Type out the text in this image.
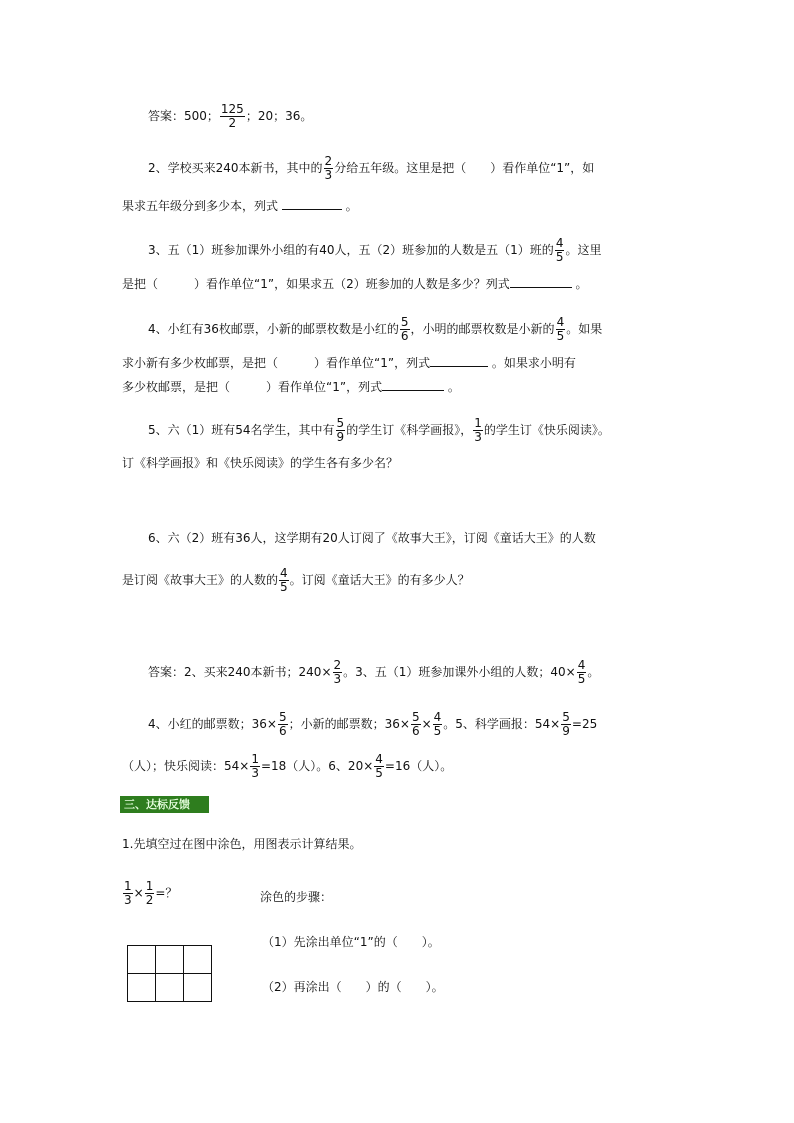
答案：500； $\frac{125}{2}$ ；20；36。
2、学校买来240本新书，其中的 $\frac{2}{3}$ 分给五年级。这里是把（　　）看作单位“1”，如
果求五年级分到多少本，列式	。
3、五（1）班参加课外小组的有40人，五（2）班参加的人数是五（1）班的 $\frac{4}{5}$ 。这里
是把（　　　）看作单位“1”，如果求五（2）班参加的人数是多少？列式	。
4、小红有36枚邮票，小新的邮票枚数是小红的 $\frac{5}{6}$ ，小明的邮票枚数是小新的 $\frac{4}{5}$ 。如果
求小新有多少枚邮票，是把（　　　）看作单位“1”，列式	。如果求小明有
多少枚邮票，是把（　　　）看作单位“1”，列式	。
5、六（1）班有54名学生，其中有 $\frac{5}{9}$ 的学生订《科学画报》， $\frac{1}{3}$ 的学生订《快乐阅读》。
订《科学画报》和《快乐阅读》的学生各有多少名？
6、六（2）班有36人，这学期有20人订阅了《故事大王》，订阅《童话大王》的人数
是订阅《故事大王》的人数的 $\frac{4}{5}$ 。订阅《童话大王》的有多少人？
答案：2、买来240本新书；$240\times \frac{2}{3}$ 。3、五（1）班参加课外小组的人数；$40\times \frac{4}{5}$ 。
4、小红的邮票数；$36\times \frac{5}{6}$ ；小新的邮票数；$36\times \frac{5}{6} \times \frac{4}{5}$ 。5、科学画报：$54\times \frac{5}{9} =25$
（人）；快乐阅读：$54\times \frac{1}{3} =18$（人）。6、$20\times \frac{4}{5} =16$（人）。
三、达标反馈
1.先填空过在图中涂色，用图表示计算结果。
$\frac{1}{3} \times \frac{1}{2}$ =？	涂色的步骤：
（1）先涂出单位“1”的（　　）。
（2）再涂出（　　）的（　　）。
